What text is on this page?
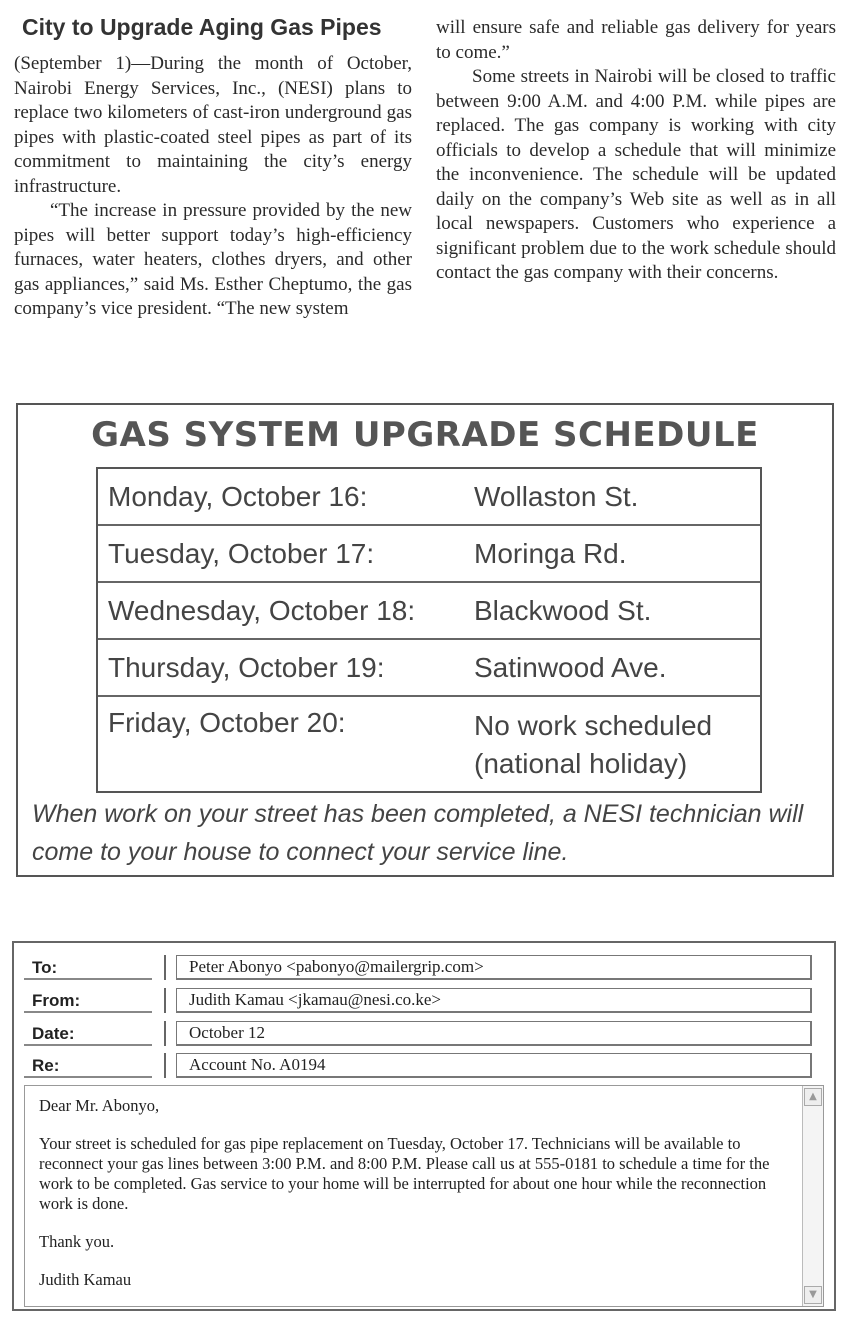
City to Upgrade Aging Gas Pipes

(September 1)—During the month of October, Nairobi Energy Services, Inc., (NESI) plans to replace two kilometers of cast-iron underground gas pipes with plastic-coated steel pipes as part of its commitment to maintaining the city’s energy infrastructure.

“The increase in pressure provided by the new pipes will better support today’s high-efficiency furnaces, water heaters, clothes dryers, and other gas appliances,” said Ms. Esther Cheptumo, the gas company’s vice president. “The new system

will ensure safe and reliable gas delivery for years to come.”

Some streets in Nairobi will be closed to traffic between 9:00 A.M. and 4:00 P.M. while pipes are replaced. The gas company is working with city officials to develop a schedule that will minimize the inconvenience. The schedule will be updated daily on the company’s Web site as well as in all local newspapers. Customers who experience a significant problem due to the work schedule should contact the gas company with their concerns.

GAS SYSTEM UPGRADE SCHEDULE
Monday, October 16:	Wollaston St.
Tuesday, October 17:	Moringa Rd.
Wednesday, October 18:	Blackwood St.
Thursday, October 19:	Satinwood Ave.
Friday, October 20:	No work scheduled
(national holiday)
When work on your street has been completed, a NESI technician will come to your house to connect your service line.
To:	Peter Abonyo <pabonyo@mailergrip.com>
From:	Judith Kamau <jkamau@nesi.co.ke>
Date:	October 12
Re:	Account No. A0194

Dear Mr. Abonyo,

Your street is scheduled for gas pipe replacement on Tuesday, October 17. Technicians will be available to reconnect your gas lines between 3:00 P.M. and 8:00 P.M. Please call us at 555-0181 to schedule a time for the work to be completed. Gas service to your home will be interrupted for about one hour while the reconnection work is done.

Thank you.

Judith Kamau

▲
▼
